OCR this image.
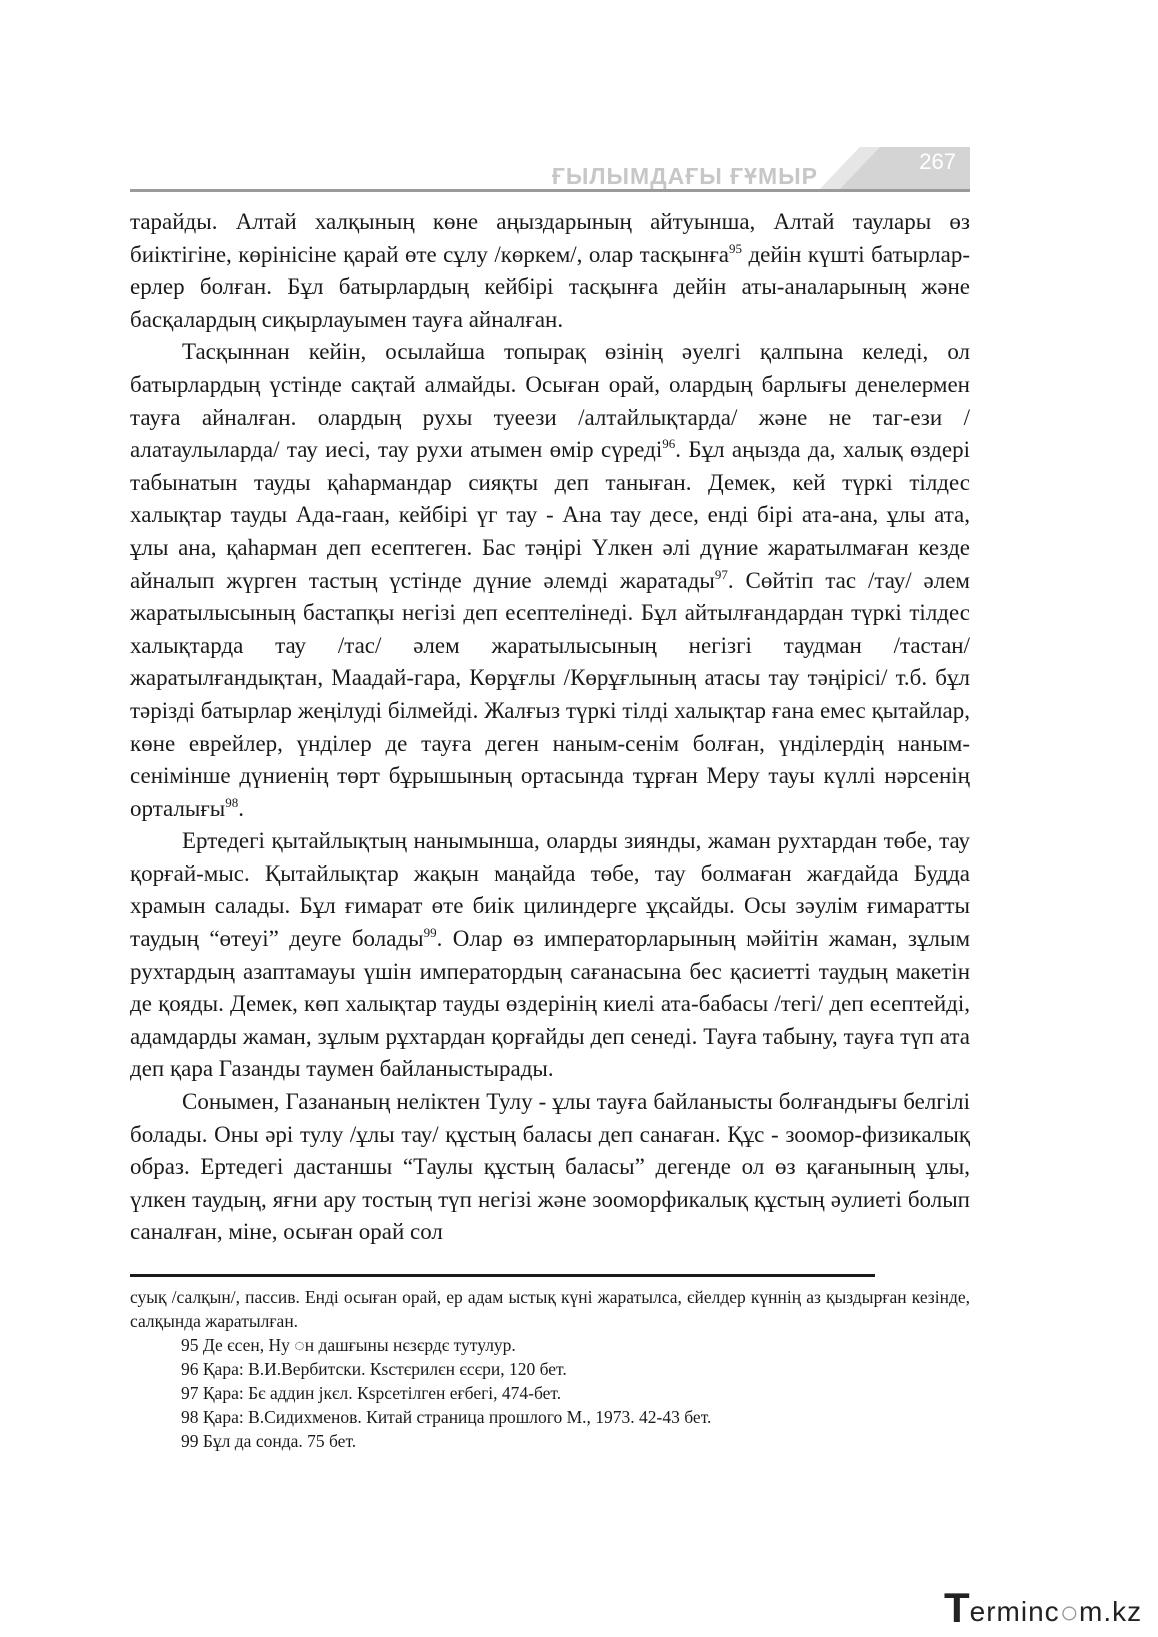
ҒЫЛЫМДАҒЫ ҒҰМЫР
267

тарайды. Алтай халқының көне аңыздарының айтуынша, Алтай таулары өз биіктігіне, көрінісіне қарай өте сұлу /көркем/, олар тасқынға$^{95}$ дейін күшті батырлар-ерлер болған. Бұл батырлардың кейбірі тасқынға дейін аты-аналарының және басқалардың сиқырлауымен тауға айналған.

Тасқыннан кейін, осылайша топырақ өзінің әуелгі қалпына келеді, ол батырлардың үстінде сақтай алмайды. Осыған орай, олардың барлығы денелермен тауға айналған. олардың рухы туеези /алтайлықтарда/ және не таг-ези /алатаулыларда/ тау иесі, тау рухи атымен өмір сүреді$^{96}$. Бұл аңызда да, халық өздері табынатын тауды қаһармандар сияқты деп таныған. Демек, кей түркі тілдес халықтар тауды Ада-гаан, кейбірі үг тау - Ана тау десе, енді бірі ата-ана, ұлы ата, ұлы ана, қаһарман деп есептеген. Бас тәңірі Үлкен әлі дүние жаратылмаған кезде айналып жүрген тастың үстінде дүние әлемді жаратады$^{97}$. Сөйтіп тас /тау/ әлем жаратылысының бастапқы негізі деп есептелінеді. Бұл айтылғандардан түркі тілдес халықтарда тау /тас/ әлем жаратылысының негізгі таудман /тастан/ жаратылғандықтан, Маадай-гара, Көрұғлы /Көрұғлының атасы тау тәңірісі/ т.б. бұл тәрізді батырлар жеңілуді білмейді. Жалғыз түркі тілді халықтар ғана емес қытайлар, көне еврейлер, үнділер де тауға деген наным-сенім болған, үнділердің наным-сенімінше дүниенің төрт бұрышының ортасында тұрған Меру тауы күллі нәрсенің орталығы$^{98}$.

Ертедегі қытайлықтың нанымынша, оларды зиянды, жаман рухтардан төбе, тау қорғай-мыс. Қытайлықтар жақын маңайда төбе, тау болмаған жағдайда Будда храмын салады. Бұл ғимарат өте биік цилиндерге ұқсайды. Осы зәулім ғимаратты таудың “өтеуі” деуге болады$^{99}$. Олар өз императорларының мәйітін жаман, зұлым рухтардың азаптамауы үшін императордың сағанасына бес қасиетті таудың макетін де қояды. Демек, көп халықтар тауды өздерінің киелі ата-бабасы /тегі/ деп есептейді, адамдарды жаман, зұлым рұхтардан қорғайды деп сенеді. Тауға табыну, тауға түп ата деп қара Газанды таумен байланыстырады.

Сонымен, Газананың неліктен Тулу - ұлы тауға байланысты болғандығы белгілі болады. Оны әрі тулу /ұлы тау/ құстың баласы деп санаған. Құс - зоомор-физикалық образ. Ертедегі дастаншы “Таулы құстың баласы” дегенде ол өз қағанының ұлы, үлкен таудың, яғни ару тостың түп негізі және зооморфикалық құстың әулиеті болып саналған, міне, осыған орай сол

суық /салқын/, пассив. Енді осыған орай, ер адам ыстық күні жаратылса, єйелдер күннің аз қыздырған кезінде, салқында жаратылған.

95 Де єсен, Ну ◌н дашғыны нєзєрдє тутулур.

96 Қара: В.И.Вербитски. Кsстєрилєн єсєри, 120 бет.

97 Қара: Бє аддин jкєл. Кsрсетілген еғбегі, 474-бет.

98 Қара: В.Сидихменов. Китай страница прошлого М., 1973. 42-43 бет.

99 Бұл да сонда. 75 бет.

T erminc ○ m.kz
